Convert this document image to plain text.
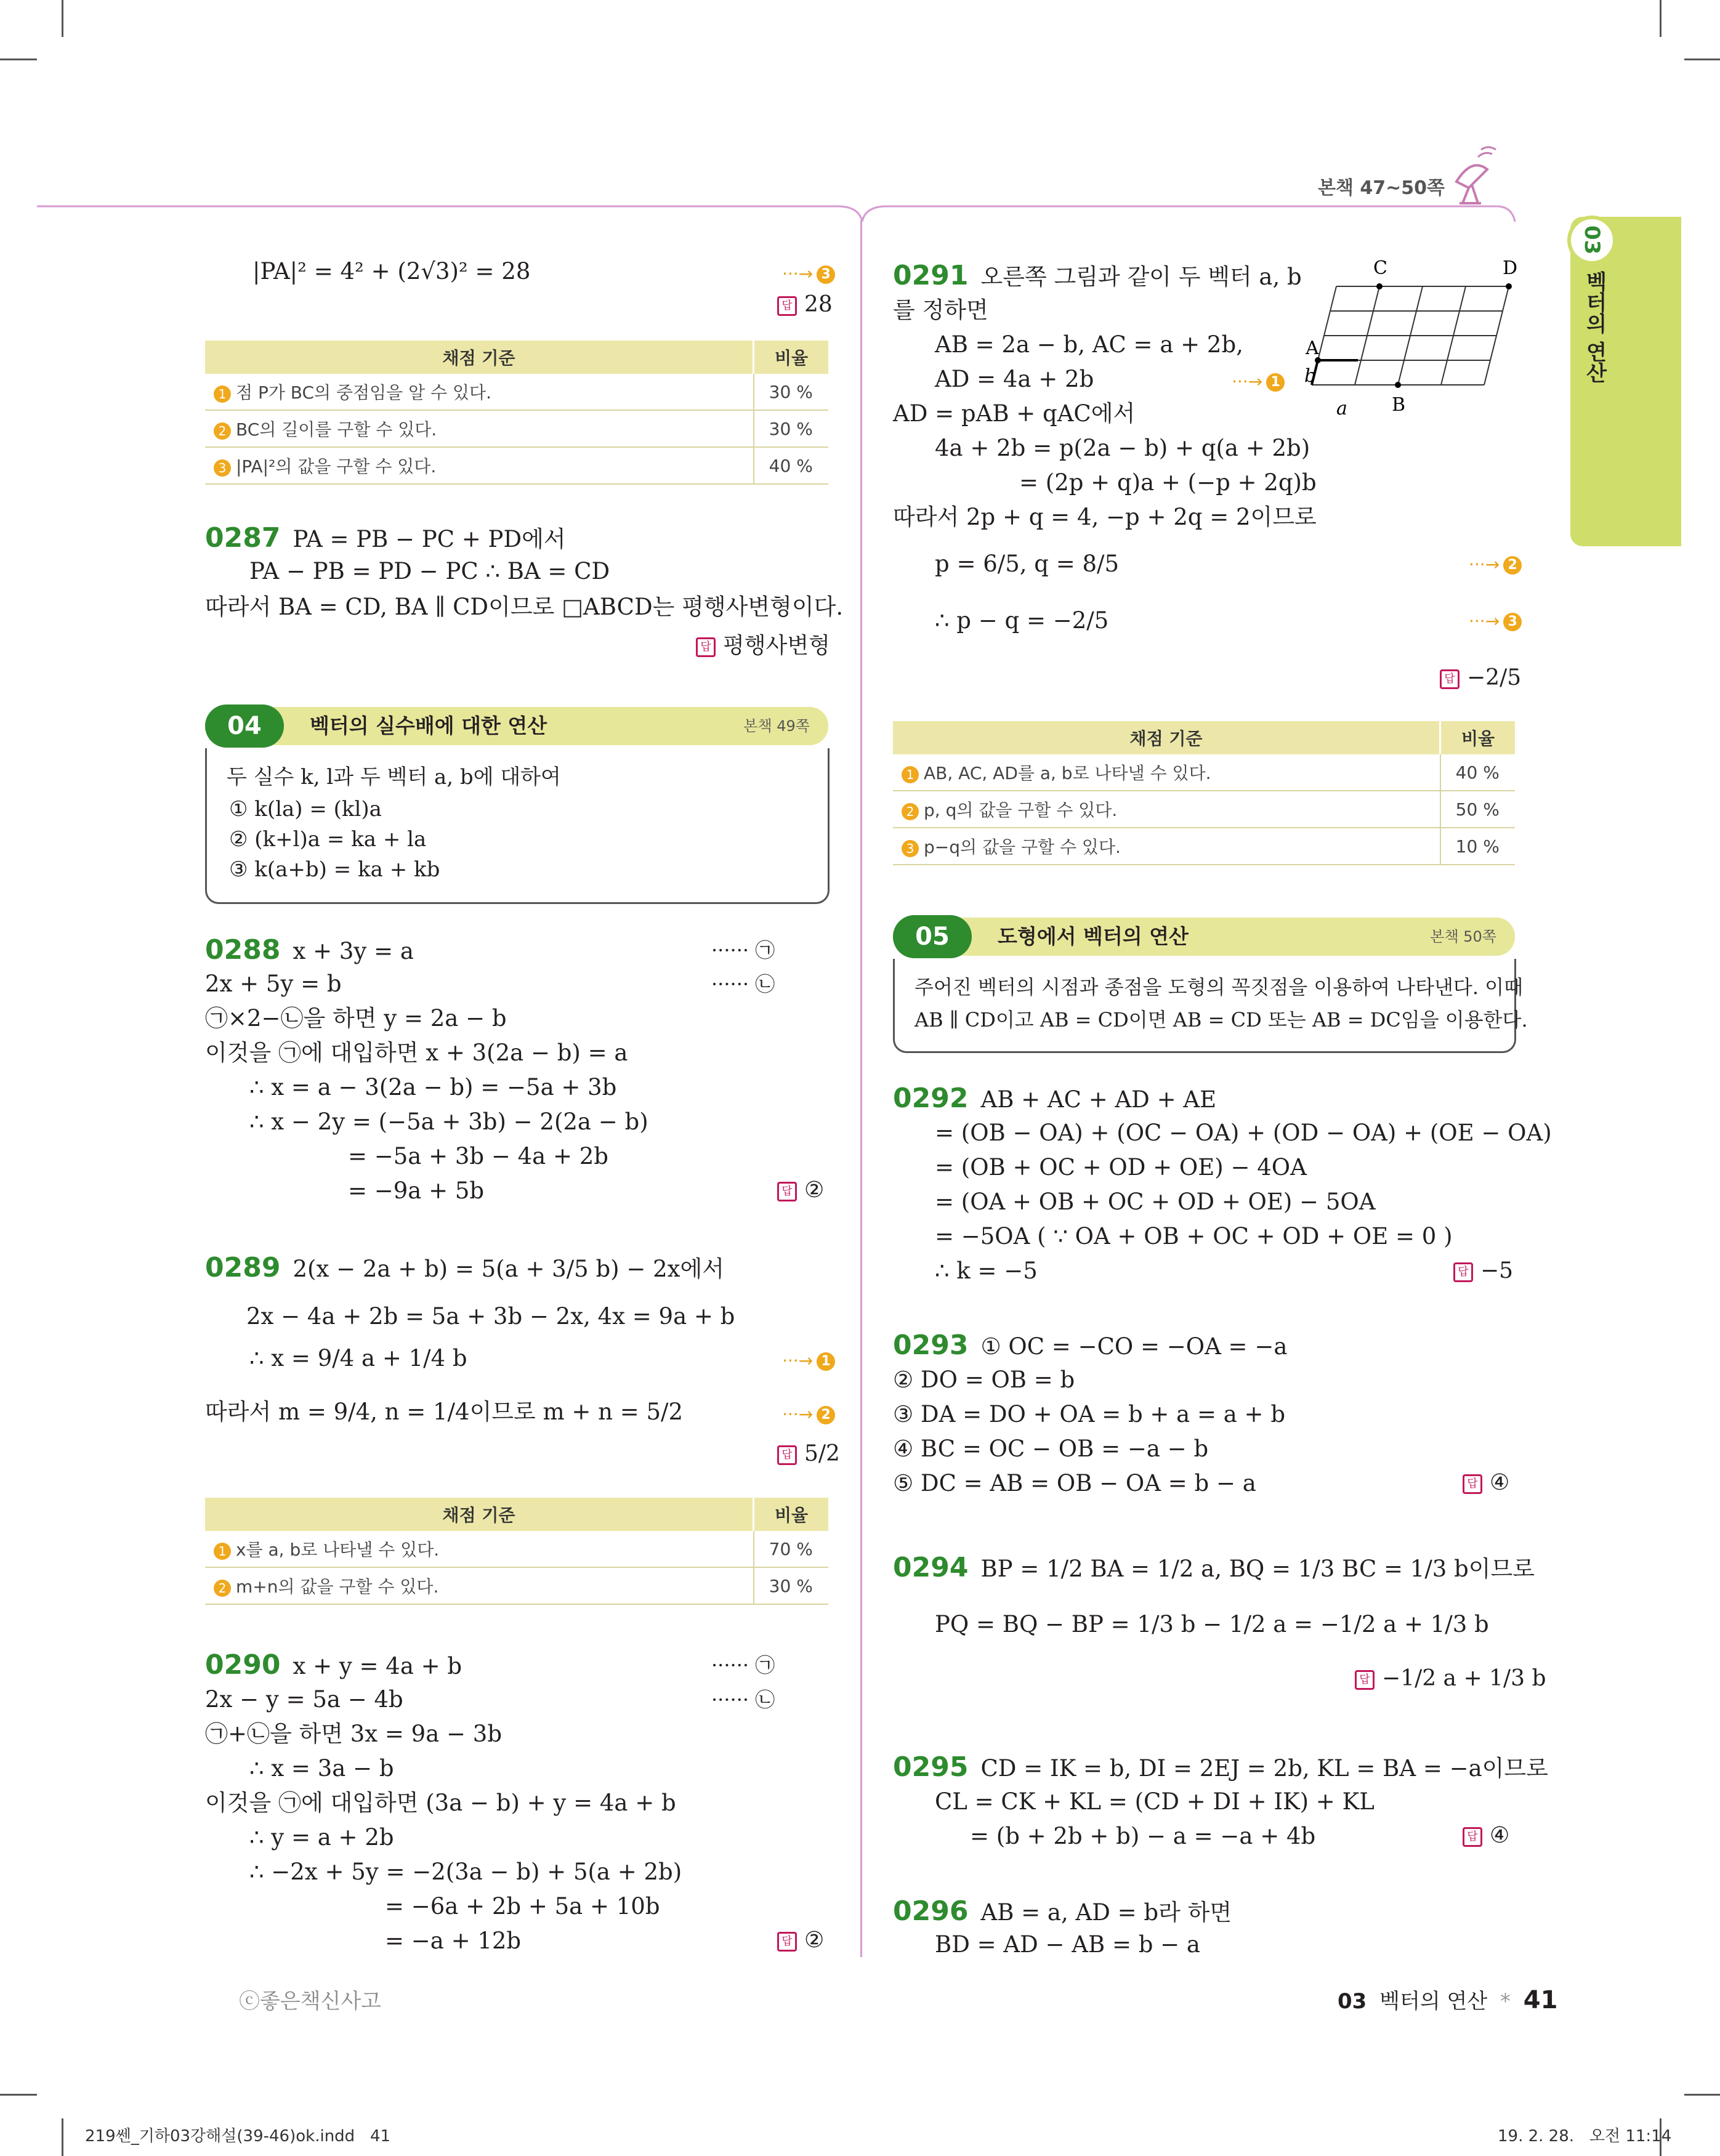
본책 47~50쪽
03
벡터의 연산
|PA|² = 4² + (2√3)² = 28	···→ 3
답 28
채점 기준	비율
1 점 P가 BC의 중점임을 알 수 있다.	30 %
2 BC의 길이를 구할 수 있다.	30 %
3 |PA|²의 값을 구할 수 있다.	40 %
0287 PA = PB − PC + PD에서
PA − PB = PD − PC ∴ BA = CD
따라서 BA = CD, BA ∥ CD이므로 □ABCD는 평행사변형이다.
답 평행사변형
04	벡터의 실수배에 대한 연산	본책 49쪽
두 실수 k, l과 두 벡터 a, b에 대하여
① k(la) = (kl)a
② (k+l)a = ka + la
③ k(a+b) = ka + kb
0288 x + 3y = a	······ ㉠
2x + 5y = b	······ ㉡
㉠×2−㉡을 하면 y = 2a − b
이것을 ㉠에 대입하면 x + 3(2a − b) = a
∴ x = a − 3(2a − b) = −5a + 3b
∴ x − 2y = (−5a + 3b) − 2(2a − b)
= −5a + 3b − 4a + 2b
= −9a + 5b	답 ②
0289 2(x − 2a + b) = 5(a + 3/5 b) − 2x에서
2x − 4a + 2b = 5a + 3b − 2x, 4x = 9a + b
∴ x = 9/4 a + 1/4 b	···→ 1
따라서 m = 9/4, n = 1/4이므로 m + n = 5/2	···→ 2
답 5/2
채점 기준	비율
1 x를 a, b로 나타낼 수 있다.	70 %
2 m+n의 값을 구할 수 있다.	30 %
0290 x + y = 4a + b	······ ㉠
2x − y = 5a − 4b	······ ㉡
㉠+㉡을 하면 3x = 9a − 3b
∴ x = 3a − b
이것을 ㉠에 대입하면 (3a − b) + y = 4a + b
∴ y = a + 2b
∴ −2x + 5y = −2(3a − b) + 5(a + 2b)
= −6a + 2b + 5a + 10b
= −a + 12b	답 ②
ⓒ좋은책신사고
0291 오른쪽 그림과 같이 두 벡터 a, b
를 정하면
AB = 2a − b, AC = a + 2b,
AD = 4a + 2b	···→ 1
AD = pAB + qAC에서
4a + 2b = p(2a − b) + q(a + 2b)
= (2p + q)a + (−p + 2q)b
따라서 2p + q = 4, −p + 2q = 2이므로
p = 6/5, q = 8/5	···→ 2
∴ p − q = −2/5	···→ 3
답 −2/5
C	D
A
B
a
b
채점 기준	비율
1 AB, AC, AD를 a, b로 나타낼 수 있다.	40 %
2 p, q의 값을 구할 수 있다.	50 %
3 p−q의 값을 구할 수 있다.	10 %
05	도형에서 벡터의 연산	본책 50쪽
주어진 벡터의 시점과 종점을 도형의 꼭짓점을 이용하여 나타낸다. 이때
AB ∥ CD이고 AB = CD이면 AB = CD 또는 AB = DC임을 이용한다.
0292 AB + AC + AD + AE
= (OB − OA) + (OC − OA) + (OD − OA) + (OE − OA)
= (OB + OC + OD + OE) − 4OA
= (OA + OB + OC + OD + OE) − 5OA
= −5OA ( ∵ OA + OB + OC + OD + OE = 0 )
∴ k = −5	답 −5
0293 ① OC = −CO = −OA = −a
② DO = OB = b
③ DA = DO + OA = b + a = a + b
④ BC = OC − OB = −a − b
⑤ DC = AB = OB − OA = b − a	답 ④
0294 BP = 1/2 BA = 1/2 a, BQ = 1/3 BC = 1/3 b이므로
PQ = BQ − BP = 1/3 b − 1/2 a = −1/2 a + 1/3 b
답 −1/2 a + 1/3 b
0295 CD = IK = b, DI = 2EJ = 2b, KL = BA = −a이므로
CL = CK + KL = (CD + DI + IK) + KL
= (b + 2b + b) − a = −a + 4b	답 ④
0296 AB = a, AD = b라 하면
BD = AD − AB = b − a
03 벡터의 연산 * 41
219쎈_기하03강해설(39-46)ok.indd   41	19. 2. 28.   오전 11:14
